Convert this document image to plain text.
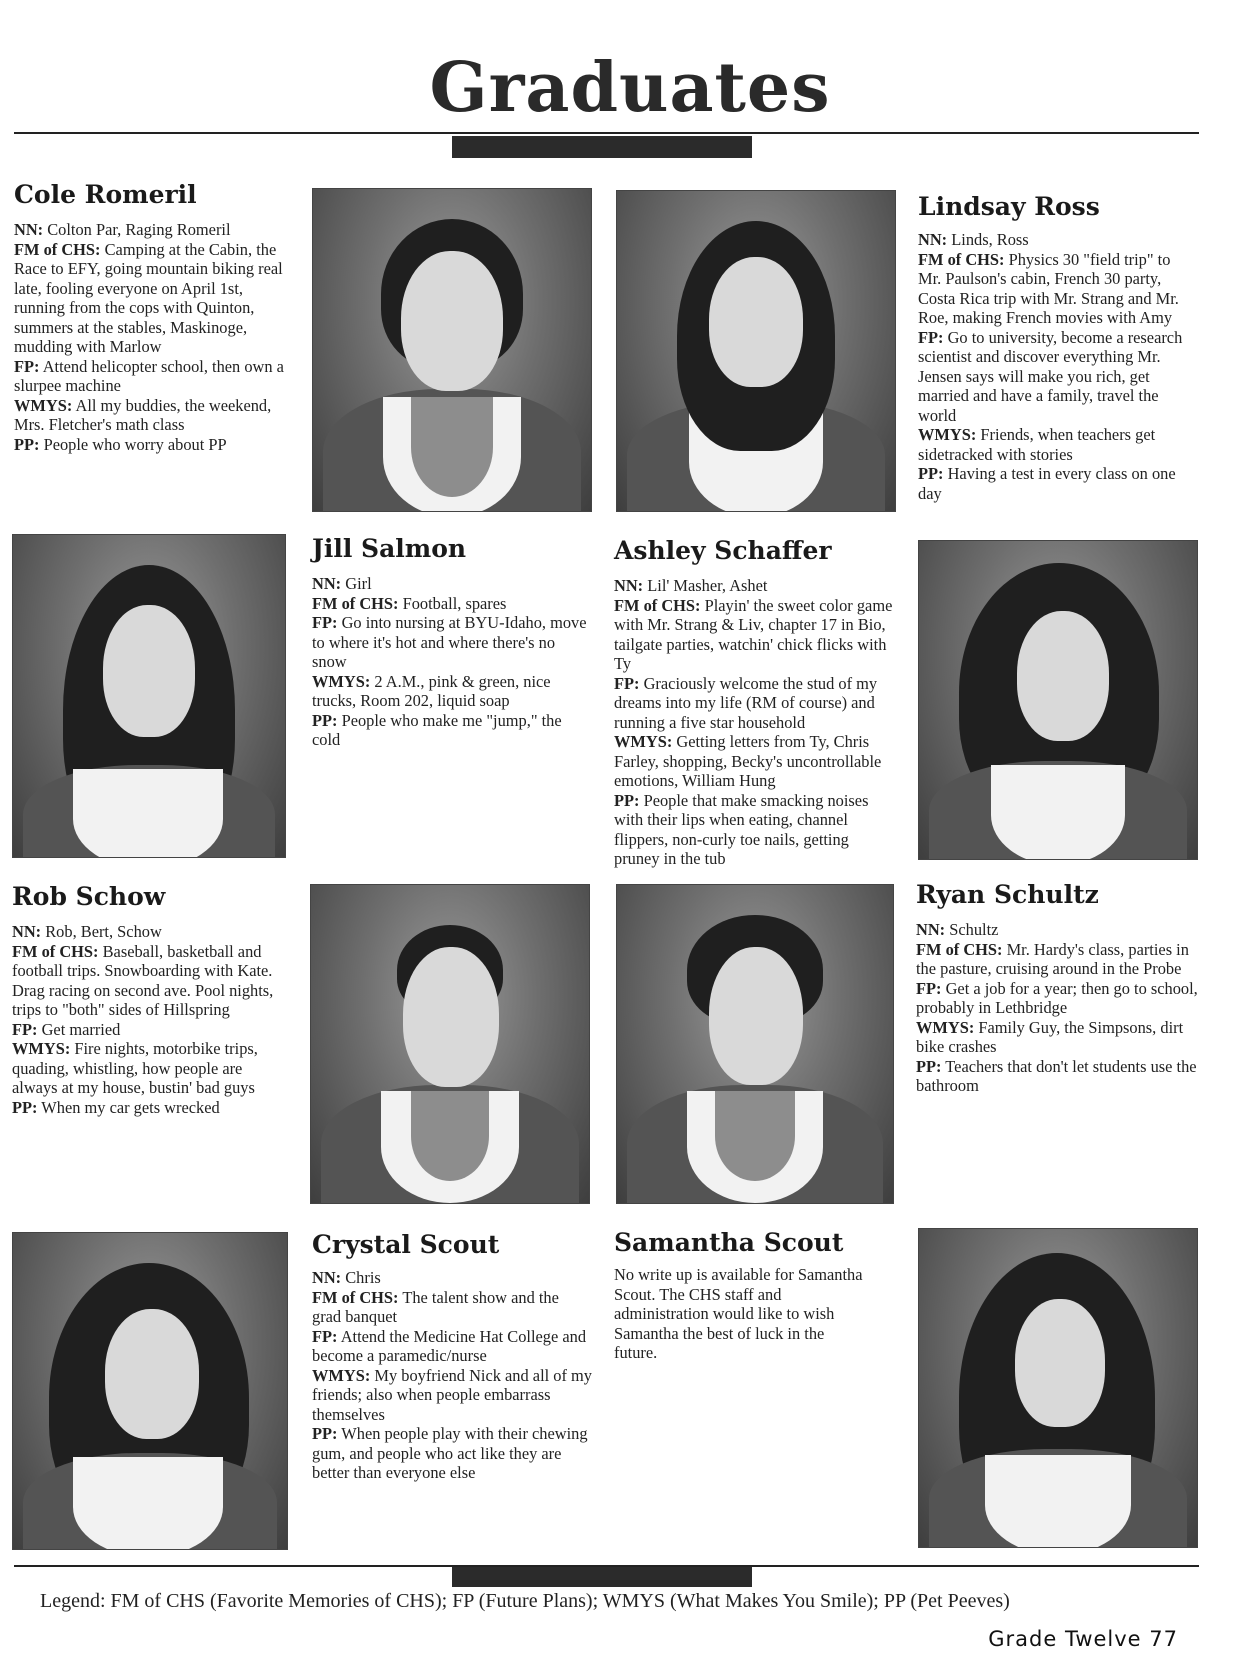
Graduates
Cole Romeril
NN: Colton Par, Raging Romeril
FM of CHS: Camping at the Cabin, the Race to EFY, going mountain biking real late, fooling everyone on April 1st, running from the cops with Quinton, summers at the stables, Maskinoge, mudding with Marlow
FP: Attend helicopter school, then own a slurpee machine
WMYS: All my buddies, the weekend, Mrs. Fletcher's math class
PP: People who worry about PP
Lindsay Ross
NN: Linds, Ross
FM of CHS: Physics 30 "field trip" to Mr. Paulson's cabin, French 30 party, Costa Rica trip with Mr. Strang and Mr. Roe, making French movies with Amy
FP: Go to university, become a research scientist and discover everything Mr. Jensen says will make you rich, get married and have a family, travel the world
WMYS: Friends, when teachers get sidetracked with stories
PP: Having a test in every class on one day
Jill Salmon
NN: Girl
FM of CHS: Football, spares
FP: Go into nursing at BYU-Idaho, move to where it's hot and where there's no snow
WMYS: 2 A.M., pink & green, nice trucks, Room 202, liquid soap
PP: People who make me "jump," the cold
Ashley Schaffer
NN: Lil' Masher, Ashet
FM of CHS: Playin' the sweet color game with Mr. Strang & Liv, chapter 17 in Bio, tailgate parties, watchin' chick flicks with Ty
FP: Graciously welcome the stud of my dreams into my life (RM of course) and running a five star household
WMYS: Getting letters from Ty, Chris Farley, shopping, Becky's uncontrollable emotions, William Hung
PP: People that make smacking noises with their lips when eating, channel flippers, non-curly toe nails, getting pruney in the tub
Rob Schow
NN: Rob, Bert, Schow
FM of CHS: Baseball, basketball and football trips. Snowboarding with Kate. Drag racing on second ave. Pool nights, trips to "both" sides of Hillspring
FP: Get married
WMYS: Fire nights, motorbike trips, quading, whistling, how people are always at my house, bustin' bad guys
PP: When my car gets wrecked
Ryan Schultz
NN: Schultz
FM of CHS: Mr. Hardy's class, parties in the pasture, cruising around in the Probe
FP: Get a job for a year; then go to school, probably in Lethbridge
WMYS: Family Guy, the Simpsons, dirt bike crashes
PP: Teachers that don't let students use the bathroom
Crystal Scout
NN: Chris
FM of CHS: The talent show and the grad banquet
FP: Attend the Medicine Hat College and become a paramedic/nurse
WMYS: My boyfriend Nick and all of my friends; also when people embarrass themselves
PP: When people play with their chewing gum, and people who act like they are better than everyone else
Samantha Scout
No write up is available for Samantha Scout. The CHS staff and administration would like to wish Samantha the best of luck in the future.
Legend: FM of CHS (Favorite Memories of CHS); FP (Future Plans); WMYS (What Makes You Smile); PP (Pet Peeves)
Grade Twelve 77
